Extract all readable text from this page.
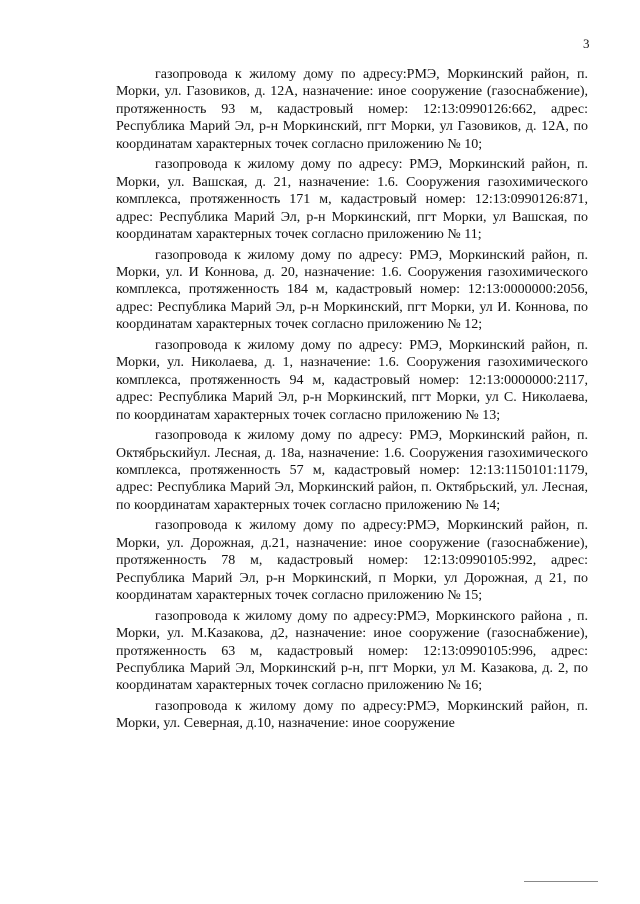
3

газопровода к жилому дому по адресу:РМЭ, Моркинский район, п. Морки, ул. Газовиков, д. 12А, назначение: иное сооружение (газоснабжение), протяженность 93 м, кадастровый номер: 12:13:0990126:662, адрес: Республика Марий Эл, р-н Моркинский, пгт Морки, ул Газовиков, д. 12А, по координатам характерных точек согласно приложению № 10;

газопровода к жилому дому по адресу: РМЭ, Моркинский район, п. Морки, ул. Вашская, д. 21, назначение: 1.6. Сооружения газохимического комплекса, протяженность 171 м, кадастровый номер: 12:13:0990126:871, адрес: Республика Марий Эл, р-н Моркинский, пгт Морки, ул Вашская, по координатам характерных точек согласно приложению № 11;

газопровода к жилому дому по адресу: РМЭ, Моркинский район, п. Морки, ул. И Коннова, д. 20, назначение: 1.6. Сооружения газохимического комплекса, протяженность 184 м, кадастровый номер: 12:13:0000000:2056, адрес: Республика Марий Эл, р-н Моркинский, пгт Морки, ул И. Коннова, по координатам характерных точек согласно приложению № 12;

газопровода к жилому дому по адресу: РМЭ, Моркинский район, п. Морки, ул. Николаева, д. 1, назначение: 1.6. Сооружения газохимического комплекса, протяженность 94 м, кадастровый номер: 12:13:0000000:2117, адрес: Республика Марий Эл, р-н Моркинский, пгт Морки, ул С. Николаева, по координатам характерных точек согласно приложению № 13;

газопровода к жилому дому по адресу: РМЭ, Моркинский район, п. Октябрьскийул. Лесная, д. 18а, назначение: 1.6. Сооружения газохимического комплекса, протяженность 57 м, кадастровый номер: 12:13:1150101:1179, адрес: Республика Марий Эл, Моркинский район, п. Октябрьский, ул. Лесная, по координатам характерных точек согласно приложению № 14;

газопровода к жилому дому по адресу:РМЭ, Моркинский район, п. Морки, ул. Дорожная, д.21, назначение: иное сооружение (газоснабжение), протяженность 78 м, кадастровый номер: 12:13:0990105:992, адрес: Республика Марий Эл, р-н Моркинский, п Морки, ул Дорожная, д 21, по координатам характерных точек согласно приложению № 15;

газопровода к жилому дому по адресу:РМЭ, Моркинского района , п. Морки, ул. М.Казакова, д2, назначение: иное сооружение (газоснабжение), протяженность 63 м, кадастровый номер: 12:13:0990105:996, адрес: Республика Марий Эл, Моркинский р-н, пгт Морки, ул М. Казакова, д. 2, по координатам характерных точек согласно приложению № 16;

газопровода к жилому дому по адресу:РМЭ, Моркинский район, п. Морки, ул. Северная, д.10, назначение: иное сооружение
